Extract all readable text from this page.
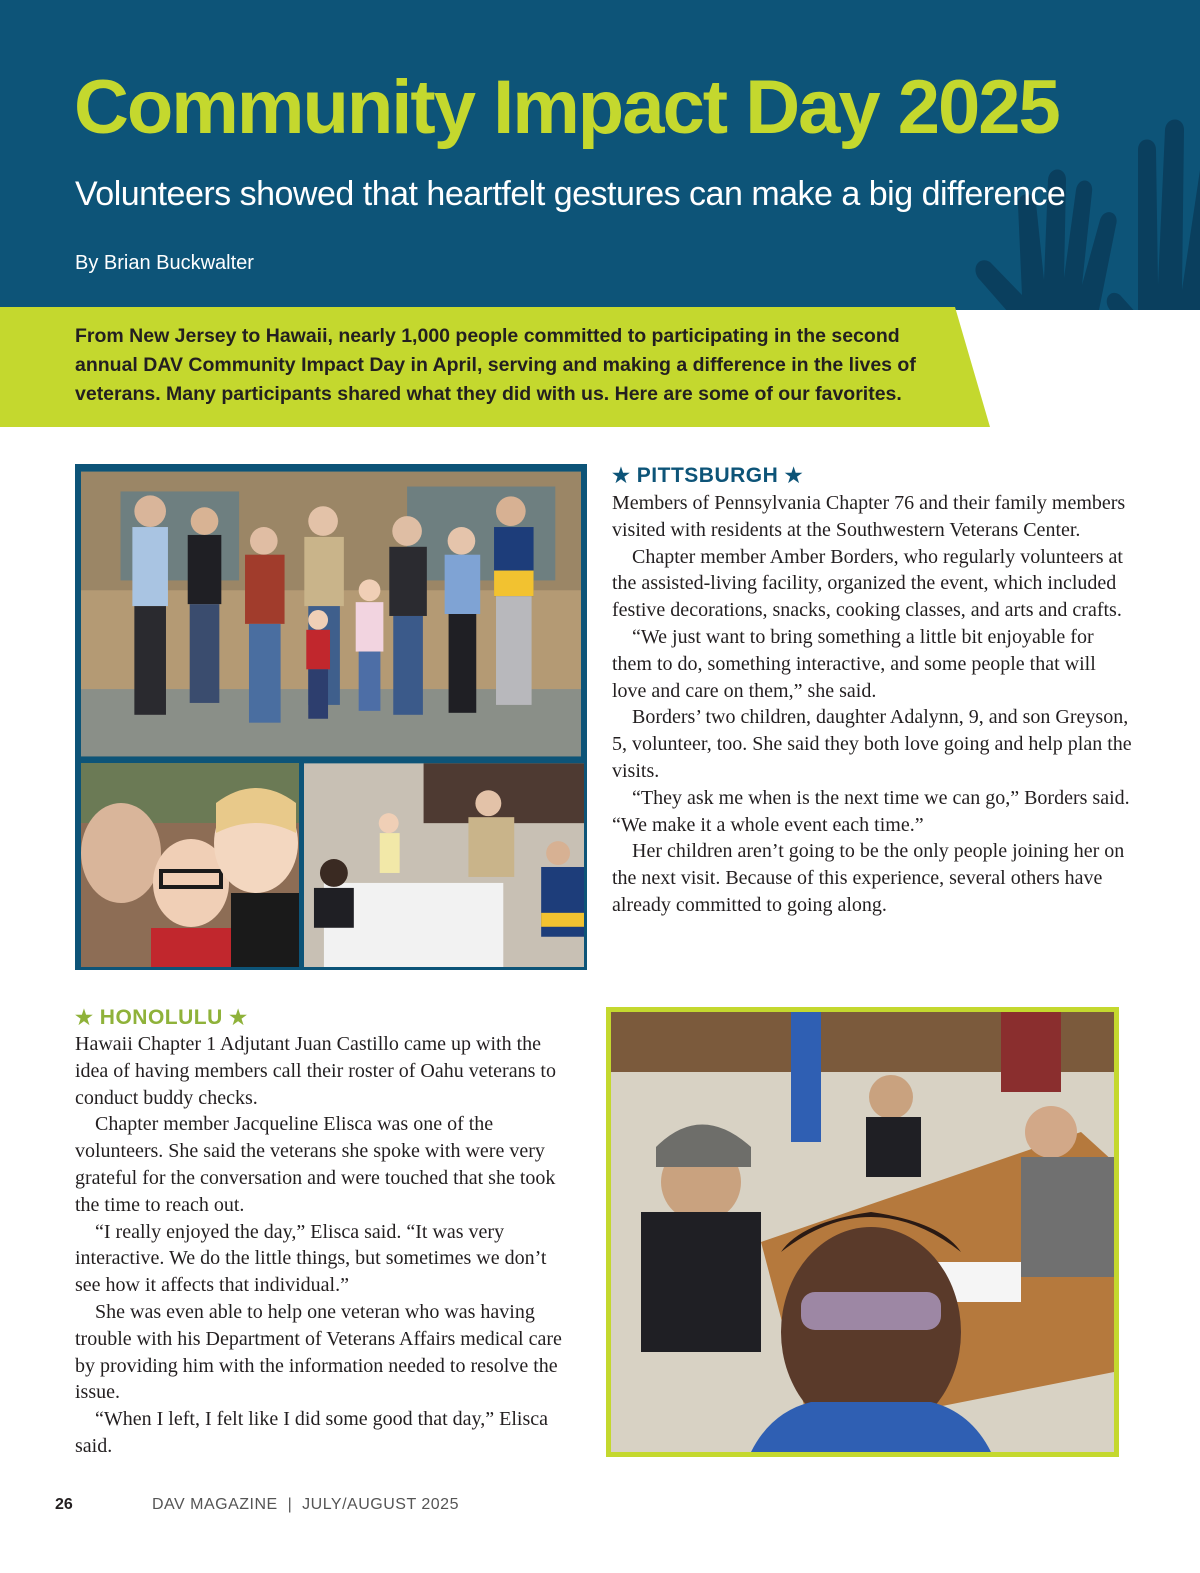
Community Impact Day 2025
Volunteers showed that heartfelt gestures can make a big difference
By Brian Buckwalter
From New Jersey to Hawaii, nearly 1,000 people committed to participating in the second annual DAV Community Impact Day in April, serving and making a difference in the lives of veterans. Many participants shared what they did with us. Here are some of our favorites.
★ PITTSBURGH ★

Members of Pennsylvania Chapter 76 and their family members visited with residents at the Southwestern Veterans Center.

Chapter member Amber Borders, who regularly volunteers at the assisted-living facility, organized the event, which included festive decorations, snacks, cooking classes, and arts and crafts.

“We just want to bring something a little bit enjoyable for them to do, something interactive, and some people that will love and care on them,” she said.

Borders’ two children, daughter Adalynn, 9, and son Greyson, 5, volunteer, too. She said they both love going and help plan the visits.

“They ask me when is the next time we can go,” Borders said. “We make it a whole event each time.”

Her children aren’t going to be the only people joining her on the next visit. Because of this experience, several others have already committed to going along.

★ HONOLULU ★

Hawaii Chapter 1 Adjutant Juan Castillo came up with the idea of having members call their roster of Oahu veterans to conduct buddy checks.

Chapter member Jacqueline Elisca was one of the volunteers. She said the veterans she spoke with were very grateful for the conversation and were touched that she took the time to reach out.

“I really enjoyed the day,” Elisca said. “It was very interactive. We do the little things, but sometimes we don’t see how it affects that individual.”

She was even able to help one veteran who was having trouble with his Department of Veterans Affairs medical care by providing him with the information needed to resolve the issue.

“When I left, I felt like I did some good that day,” Elisca said.

26	DAV MAGAZINE  |  JULY/AUGUST 2025
